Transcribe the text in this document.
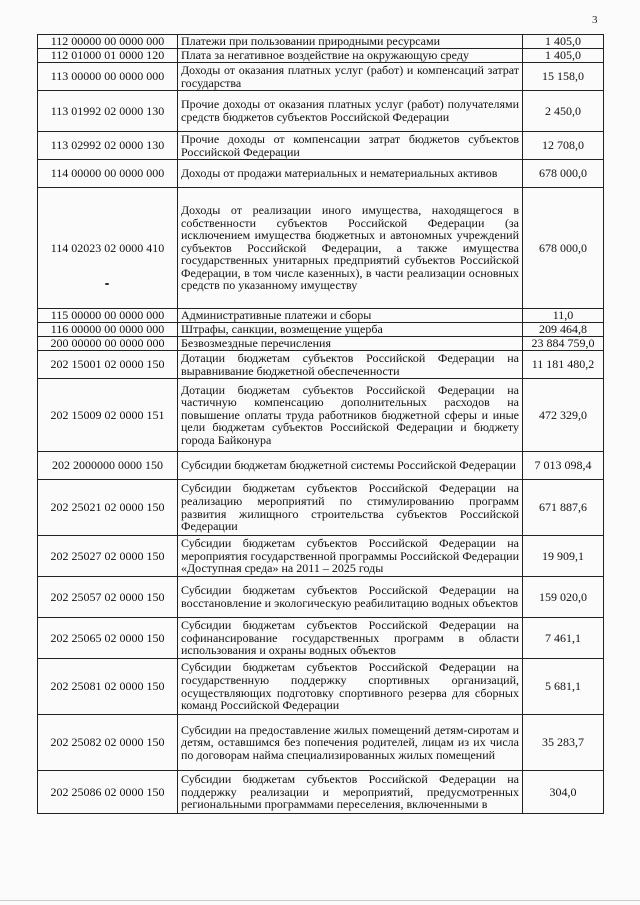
3
112 00000 00 0000 000	Платежи при пользовании природными ресурсами	1 405,0
112 01000 01 0000 120	Плата за негативное воздействие на окружающую среду	1 405,0
113 00000 00 0000 000	Доходы от оказания платных услуг (работ) и компенсаций затрат государства	15 158,0
113 01992 02 0000 130	Прочие доходы от оказания платных услуг (работ) получателями средств бюджетов субъектов Российской Федерации	2 450,0
113 02992 02 0000 130	Прочие доходы от компенсации затрат бюджетов субъектов Российской Федерации	12 708,0
114 00000 00 0000 000	Доходы от продажи материальных и нематериальных активов	678 000,0
114 02023 02 0000 410	Доходы от реализации иного имущества, находящегося в собственности субъектов Российской Федерации (за исключением имущества бюджетных и автономных учреждений субъектов Российской Федерации, а также имущества государственных унитарных предприятий субъектов Российской Федерации, в том числе казенных), в части реализации основных средств по указанному имуществу	678 000,0
115 00000 00 0000 000	Административные платежи и сборы	11,0
116 00000 00 0000 000	Штрафы, санкции, возмещение ущерба	209 464,8
200 00000 00 0000 000	Безвозмездные перечисления	23 884 759,0
202 15001 02 0000 150	Дотации бюджетам субъектов Российской Федерации на выравнивание бюджетной обеспеченности	11 181 480,2
202 15009 02 0000 151	Дотации бюджетам субъектов Российской Федерации на частичную компенсацию дополнительных расходов на повышение оплаты труда работников бюджетной сферы и иные цели бюджетам субъектов Российской Федерации и бюджету города Байконура	472 329,0
202 2000000 0000 150	Субсидии бюджетам бюджетной системы Российской Федерации	7 013 098,4
202 25021 02 0000 150	Субсидии бюджетам субъектов Российской Федерации на реализацию мероприятий по стимулированию программ развития жилищного строительства субъектов Российской Федерации	671 887,6
202 25027 02 0000 150	Субсидии бюджетам субъектов Российской Федерации на мероприятия государственной программы Российской Федерации «Доступная среда» на 2011 – 2025 годы	19 909,1
202 25057 02 0000 150	Субсидии бюджетам субъектов Российской Федерации на восстановление и экологическую реабилитацию водных объектов	159 020,0
202 25065 02 0000 150	Субсидии бюджетам субъектов Российской Федерации на софинансирование государственных программ в области использования и охраны водных объектов	7 461,1
202 25081 02 0000 150	Субсидии бюджетам субъектов Российской Федерации на государственную поддержку спортивных организаций, осуществляющих подготовку спортивного резерва для сборных команд Российской Федерации	5 681,1
202 25082 02 0000 150	Субсидии на предоставление жилых помещений детям-сиротам и детям, оставшимся без попечения родителей, лицам из их числа по договорам найма специализированных жилых помещений	35 283,7
202 25086 02 0000 150	Субсидии бюджетам субъектов Российской Федерации на поддержку реализации и мероприятий, предусмотренных региональными программами переселения, включенными в	304,0
